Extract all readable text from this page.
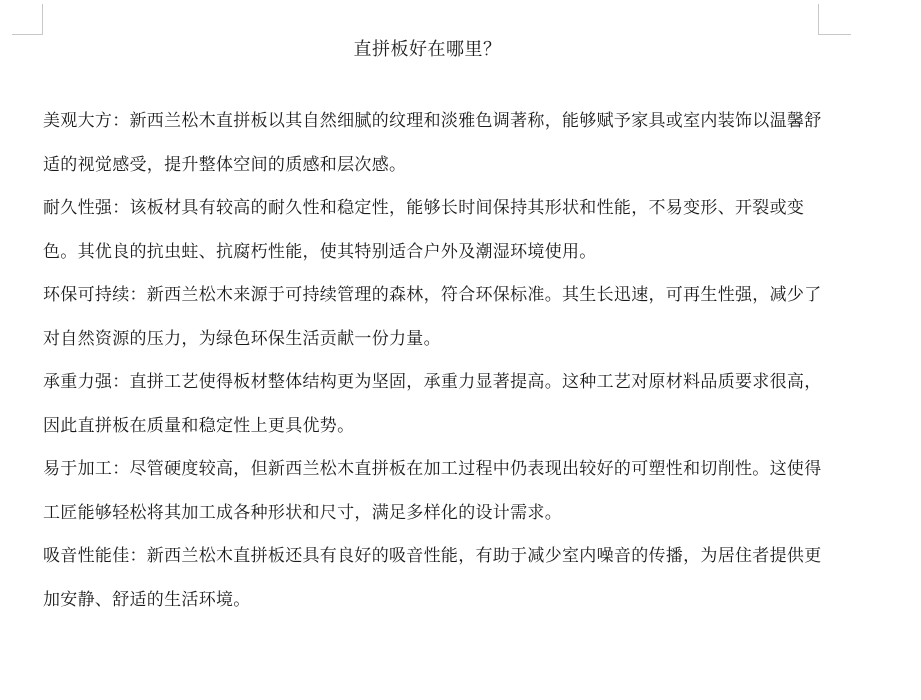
直拼板好在哪里？

美观大方：新西兰松木直拼板以其自然细腻的纹理和淡雅色调著称，能够赋予家具或室内装饰以温馨舒适的视觉感受，提升整体空间的质感和层次感。

耐久性强：该板材具有较高的耐久性和稳定性，能够长时间保持其形状和性能，不易变形、开裂或变色。其优良的抗虫蛀、抗腐朽性能，使其特别适合户外及潮湿环境使用。

环保可持续：新西兰松木来源于可持续管理的森林，符合环保标准。其生长迅速，可再生性强，减少了对自然资源的压力，为绿色环保生活贡献一份力量。

承重力强：直拼工艺使得板材整体结构更为坚固，承重力显著提高。这种工艺对原材料品质要求很高，因此直拼板在质量和稳定性上更具优势。

易于加工：尽管硬度较高，但新西兰松木直拼板在加工过程中仍表现出较好的可塑性和切削性。这使得工匠能够轻松将其加工成各种形状和尺寸，满足多样化的设计需求。

吸音性能佳：新西兰松木直拼板还具有良好的吸音性能，有助于减少室内噪音的传播，为居住者提供更加安静、舒适的生活环境。
